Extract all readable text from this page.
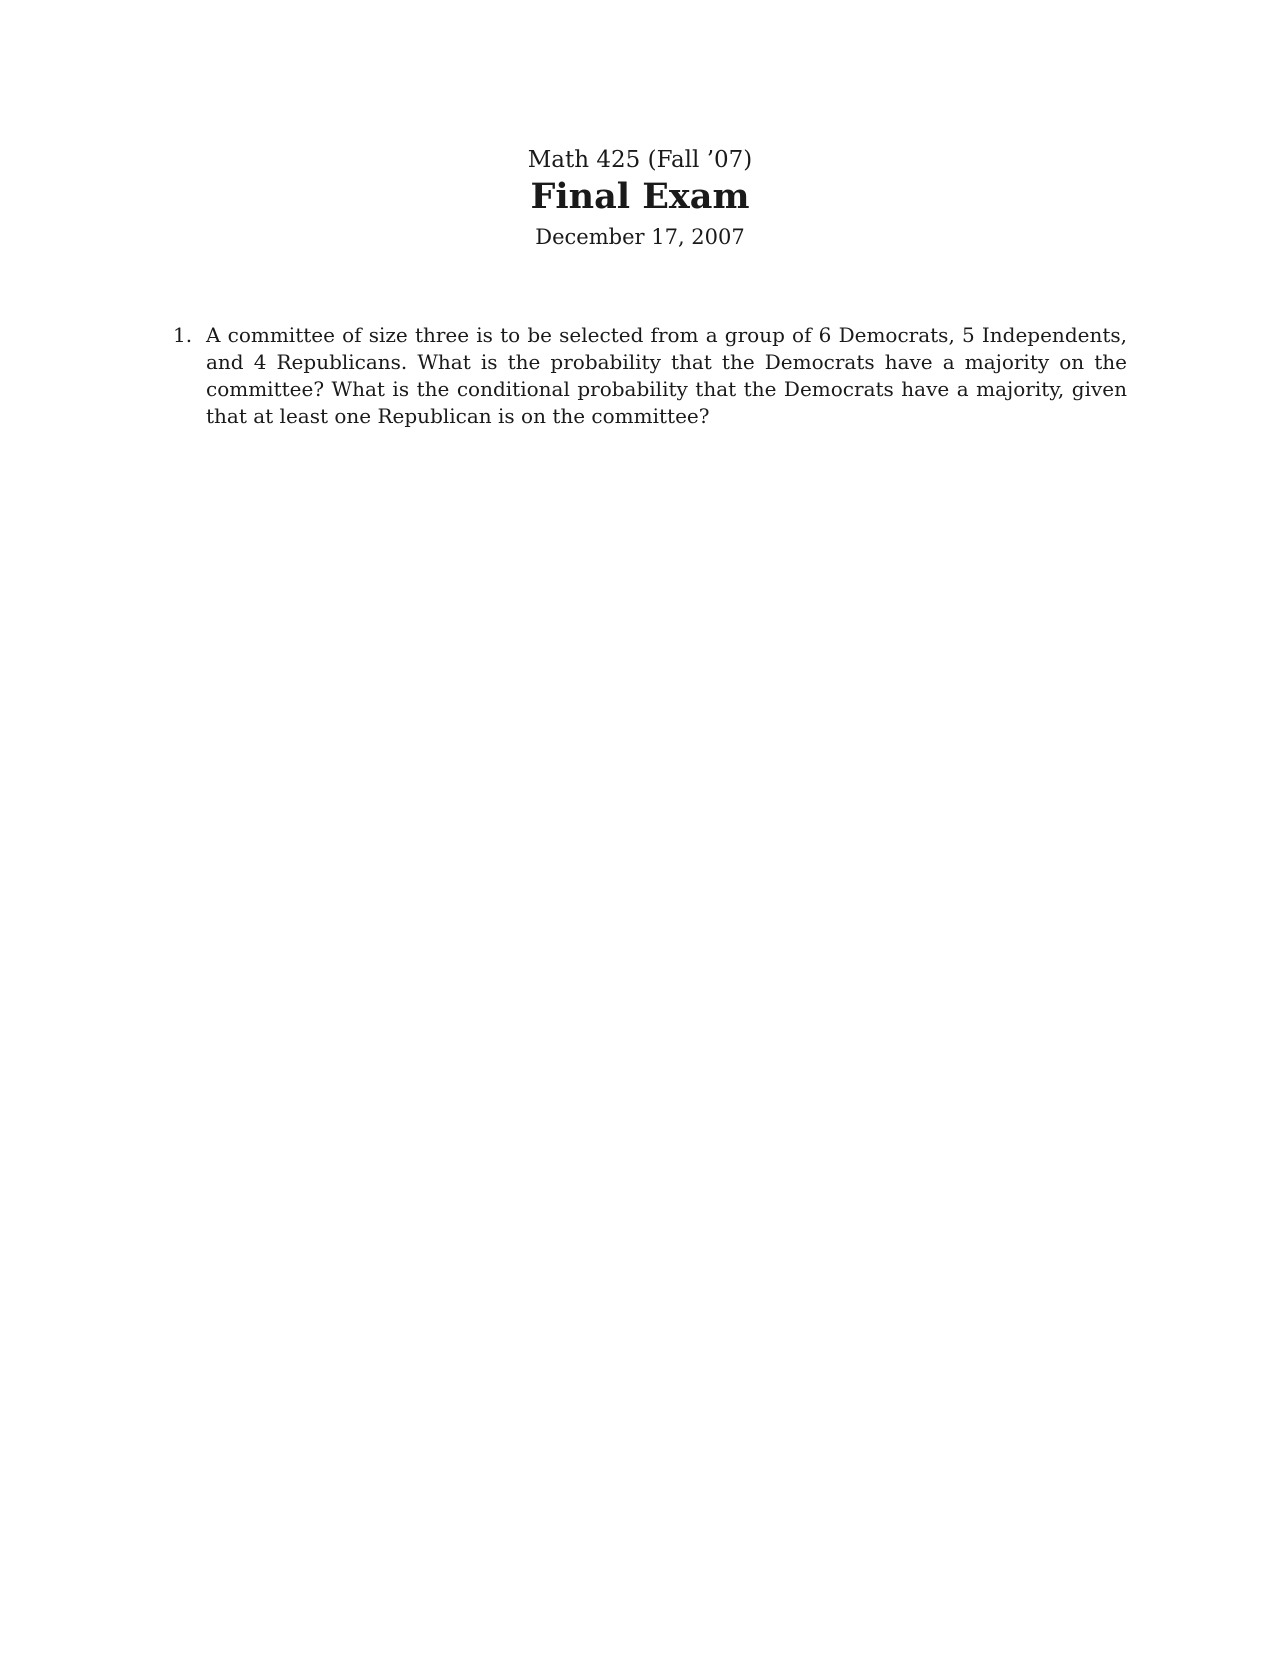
Math 425 (Fall ’07)
Final Exam
December 17, 2007
1. A committee of size three is to be selected from a group of 6 Democrats, 5 Independents, and 4 Republicans. What is the probability that the Democrats have a majority on the committee? What is the conditional probability that the Democrats have a majority, given that at least one Republican is on the committee?
